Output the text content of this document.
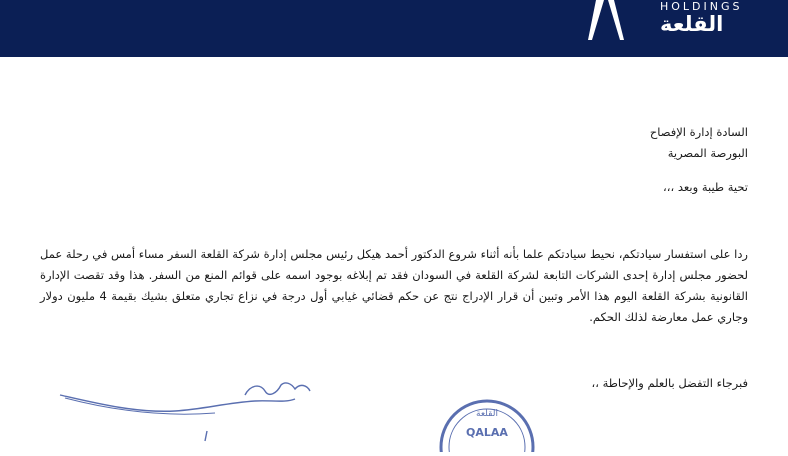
HOLDINGS
القلعة
السادة إدارة الإفصاح
البورصة المصرية
تحية طيبة وبعد ،،،
ردا على استفسار سيادتكم، نحيط سيادتكم علما بأنه أثناء شروع الدكتور أحمد هيكل رئيس مجلس إدارة شركة القلعة السفر مساء أمس في رحلة عمل لحضور مجلس إدارة إحدى الشركات التابعة لشركة القلعة في السودان فقد تم إبلاغه بوجود اسمه على قوائم المنع من السفر. هذا وقد تقصت الإدارة القانونية بشركة القلعة اليوم هذا الأمر وتبين أن قرار الإدراج نتج عن حكم قضائي غيابي أول درجة في نزاع تجاري متعلق بشيك بقيمة 4 مليون دولار وجاري عمل معارضة لذلك الحكم.
فبرجاء التفضل بالعلم والإحاطة ،،
القلعة
QALAA
